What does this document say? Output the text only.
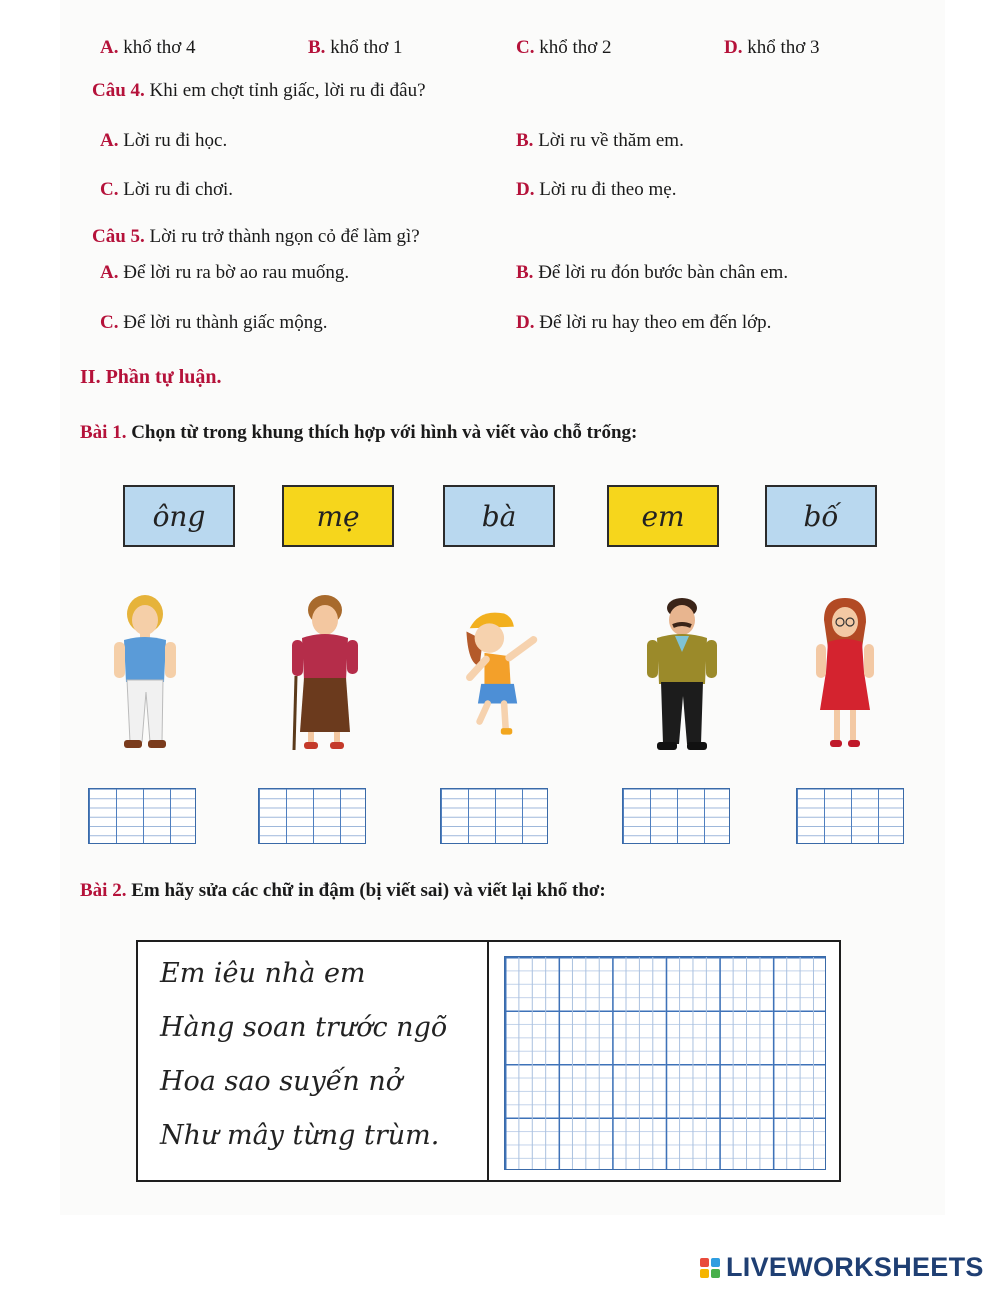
A. khổ thơ 4	B. khổ thơ 1	C. khổ thơ 2	D. khổ thơ 3
Câu 4. Khi em chợt tỉnh giấc, lời ru đi đâu?
A. Lời ru đi học.	B. Lời ru về thăm em.
C. Lời ru đi chơi.	D. Lời ru đi theo mẹ.
Câu 5. Lời ru trở thành ngọn cỏ để làm gì?
A. Để lời ru ra bờ ao rau muống.	B. Để lời ru đón bước bàn chân em.
C. Để lời ru thành giấc mộng.	D. Để lời ru hay theo em đến lớp.
II. Phần tự luận.
Bài 1. Chọn từ trong khung thích hợp với hình và viết vào chỗ trống:
ông	mẹ	bà	em	bố
Bài 2. Em hãy sửa các chữ in đậm (bị viết sai) và viết lại khổ thơ:
Em iêu nhà em
Hàng soan trước ngõ
Hoa sao suyến nở
Như mây từng trùm.
LIVEWORKSHEETS
